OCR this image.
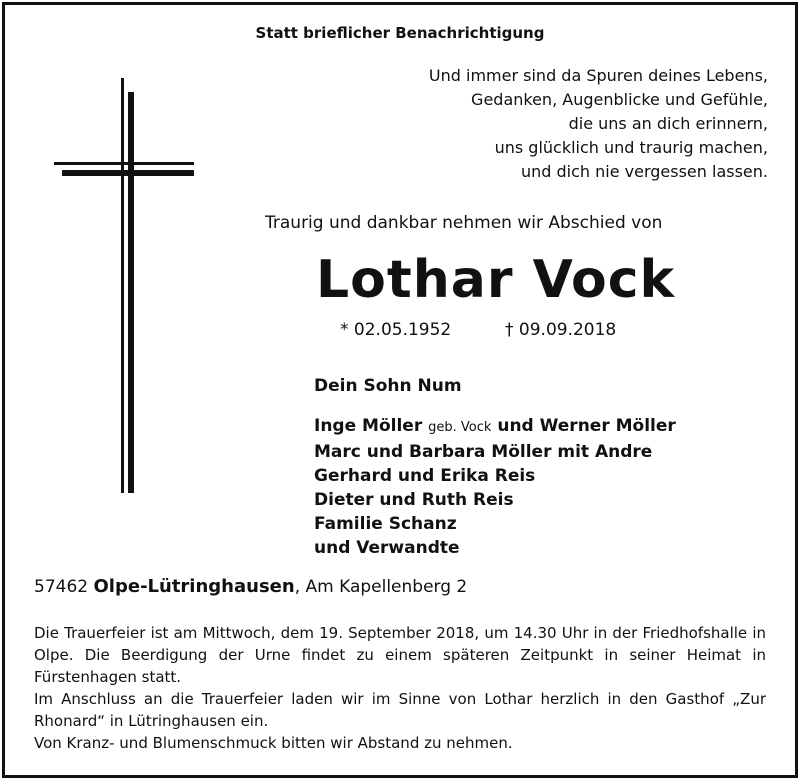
Statt brieflicher Benachrichtigung
Und immer sind da Spuren deines Lebens,
Gedanken, Augenblicke und Gefühle,
die uns an dich erinnern,
uns glücklich und traurig machen,
und dich nie vergessen lassen.
Traurig und dankbar nehmen wir Abschied von
Lothar Vock
* 02.05.1952	† 09.09.2018
Dein Sohn Num
Inge Möller geb. Vock und Werner Möller
Marc und Barbara Möller mit Andre
Gerhard und Erika Reis
Dieter und Ruth Reis
Familie Schanz
und Verwandte
57462 Olpe-Lütringhausen, Am Kapellenberg 2

Die Trauerfeier ist am Mittwoch, dem 19. September 2018, um 14.30 Uhr in der Friedhofshalle in Olpe. Die Beerdigung der Urne findet zu einem späteren Zeitpunkt in seiner Heimat in Fürstenhagen statt.

Im Anschluss an die Trauerfeier laden wir im Sinne von Lothar herzlich in den Gasthof „Zur Rhonard“ in Lütringhausen ein.

Von Kranz- und Blumenschmuck bitten wir Abstand zu nehmen.
